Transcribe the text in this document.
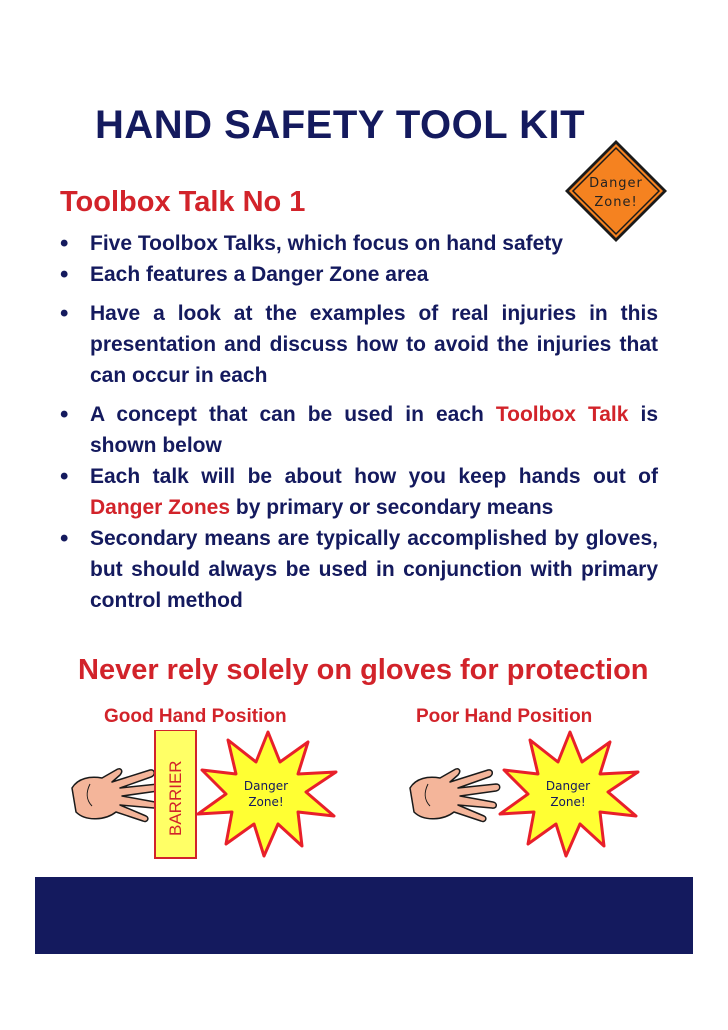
HAND SAFETY TOOL KIT
Toolbox Talk No 1
Danger
Zone!
• Five Toolbox Talks, which focus on hand safety
• Each features a Danger Zone area
• Have a look at the examples of real injuries in this presentation and discuss how to avoid the injuries that can occur in each
• A concept that can be used in each Toolbox Talk is shown below
• Each talk will be about how you keep hands out of Danger Zones by primary or secondary means
• Secondary means are typically accomplished by gloves, but should always be used in conjunction with primary control method
Never rely solely on gloves for protection
Good Hand Position	Poor Hand Position
BARRIER	Danger
Zone!
Danger
Zone!
